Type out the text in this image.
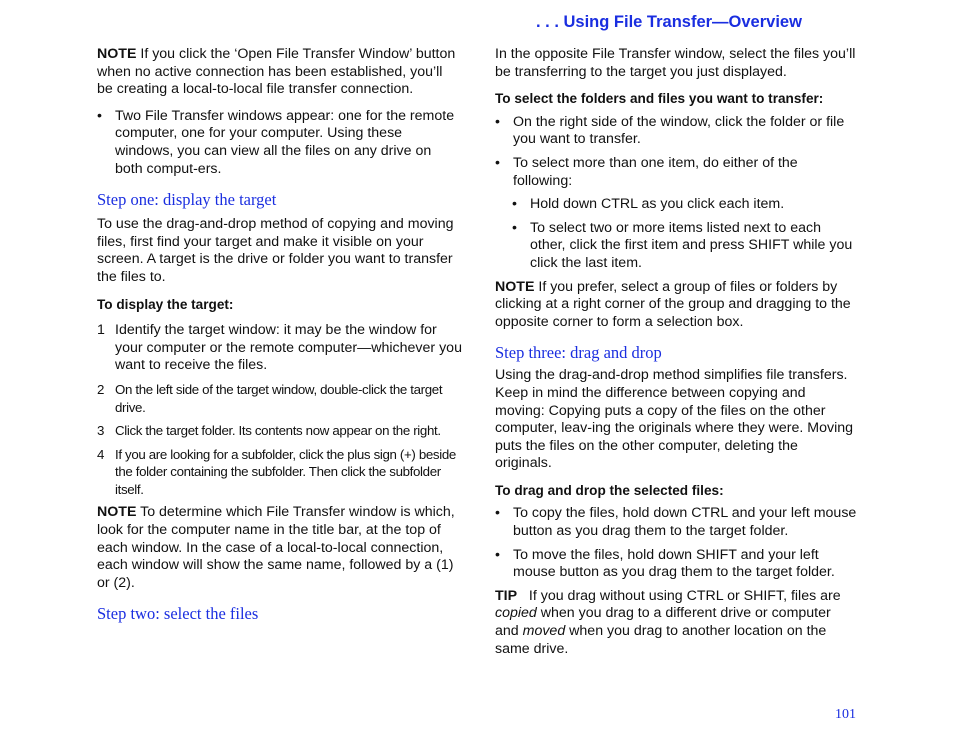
. . . Using File Transfer—Overview

NOTE If you click the ‘Open File Transfer Window’ button when no active connection has been established, you’ll be creating a local-to-local file transfer connection.

• Two File Transfer windows appear: one for the remote computer, one for your computer. Using these windows, you can view all the files on any drive on both comput-ers.

Step one: display the target

To use the drag-and-drop method of copying and moving files, first find your target and make it visible on your screen. A target is the drive or folder you want to transfer the files to.

To display the target:

1 Identify the target window: it may be the window for your computer or the remote computer—whichever you want to receive the files.
2 On the left side of the target window, double-click the target drive.
3 Click the target folder. Its contents now appear on the right.
4 If you are looking for a subfolder, click the plus sign (+) beside the folder containing the subfolder. Then click the subfolder itself.

NOTE To determine which File Transfer window is which, look for the computer name in the title bar, at the top of each window. In the case of a local-to-local connection, each window will show the same name, followed by a (1) or (2).

Step two: select the files

In the opposite File Transfer window, select the files you’ll be transferring to the target you just displayed.

To select the folders and files you want to transfer:

• On the right side of the window, click the folder or file you want to transfer.
• To select more than one item, do either of the following:
• Hold down CTRL as you click each item.
• To select two or more items listed next to each other, click the first item and press SHIFT while you click the last item.

NOTE If you prefer, select a group of files or folders by clicking at a right corner of the group and dragging to the opposite corner to form a selection box.

Step three: drag and drop

Using the drag-and-drop method simplifies file transfers. Keep in mind the difference between copying and moving: Copying puts a copy of the files on the other computer, leav-ing the originals where they were. Moving puts the files on the other computer, deleting the originals.

To drag and drop the selected files:

• To copy the files, hold down CTRL and your left mouse button as you drag them to the target folder.
• To move the files, hold down SHIFT and your left mouse button as you drag them to the target folder.

TIP If you drag without using CTRL or SHIFT, files are copied when you drag to a different drive or computer and moved when you drag to another location on the same drive.

101
